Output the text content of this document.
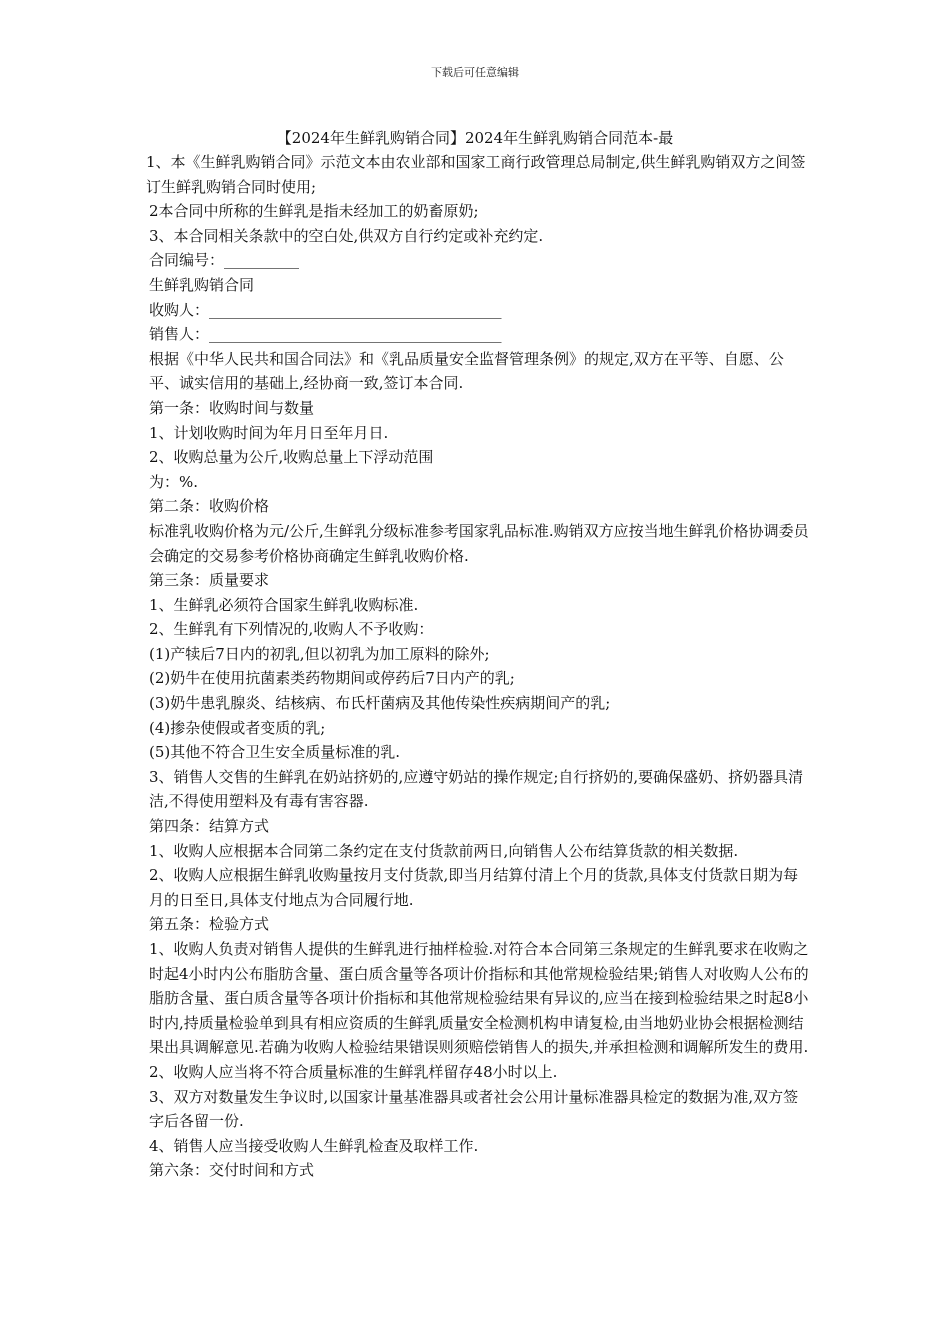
下载后可任意编辑
【2024年生鲜乳购销合同】2024年生鲜乳购销合同范本-最

1、本《生鲜乳购销合同》示范文本由农业部和国家工商行政管理总局制定,供生鲜乳购销双方之间签订生鲜乳购销合同时使用;

2本合同中所称的生鲜乳是指未经加工的奶畜原奶;

3、本合同相关条款中的空白处,供双方自行约定或补充约定.

合同编号：__________

生鲜乳购销合同

收购人：_______________________________________

销售人：_______________________________________

根据《中华人民共和国合同法》和《乳品质量安全监督管理条例》的规定,双方在平等、自愿、公平、诚实信用的基础上,经协商一致,签订本合同.

第一条：收购时间与数量

1、计划收购时间为年月日至年月日.

2、收购总量为公斤,收购总量上下浮动范围

为：%.

第二条：收购价格

标准乳收购价格为元/公斤,生鲜乳分级标准参考国家乳品标准.购销双方应按当地生鲜乳价格协调委员会确定的交易参考价格协商确定生鲜乳收购价格.

第三条：质量要求

1、生鲜乳必须符合国家生鲜乳收购标准.

2、生鲜乳有下列情况的,收购人不予收购：

(1)产犊后7日内的初乳,但以初乳为加工原料的除外;

(2)奶牛在使用抗菌素类药物期间或停药后7日内产的乳;

(3)奶牛患乳腺炎、结核病、布氏杆菌病及其他传染性疾病期间产的乳;

(4)掺杂使假或者变质的乳;

(5)其他不符合卫生安全质量标准的乳.

3、销售人交售的生鲜乳在奶站挤奶的,应遵守奶站的操作规定;自行挤奶的,要确保盛奶、挤奶器具清洁,不得使用塑料及有毒有害容器.

第四条：结算方式

1、收购人应根据本合同第二条约定在支付货款前两日,向销售人公布结算货款的相关数据.

2、收购人应根据生鲜乳收购量按月支付货款,即当月结算付清上个月的货款,具体支付货款日期为每月的日至日,具体支付地点为合同履行地.

第五条：检验方式

1、收购人负责对销售人提供的生鲜乳进行抽样检验.对符合本合同第三条规定的生鲜乳要求在收购之时起4小时内公布脂肪含量、蛋白质含量等各项计价指标和其他常规检验结果;销售人对收购人公布的脂肪含量、蛋白质含量等各项计价指标和其他常规检验结果有异议的,应当在接到检验结果之时起8小时内,持质量检验单到具有相应资质的生鲜乳质量安全检测机构申请复检,由当地奶业协会根据检测结果出具调解意见.若确为收购人检验结果错误则须赔偿销售人的损失,并承担检测和调解所发生的费用.

2、收购人应当将不符合质量标准的生鲜乳样留存48小时以上.

3、双方对数量发生争议时,以国家计量基准器具或者社会公用计量标准器具检定的数据为准,双方签字后各留一份.

4、销售人应当接受收购人生鲜乳检查及取样工作.

第六条：交付时间和方式
